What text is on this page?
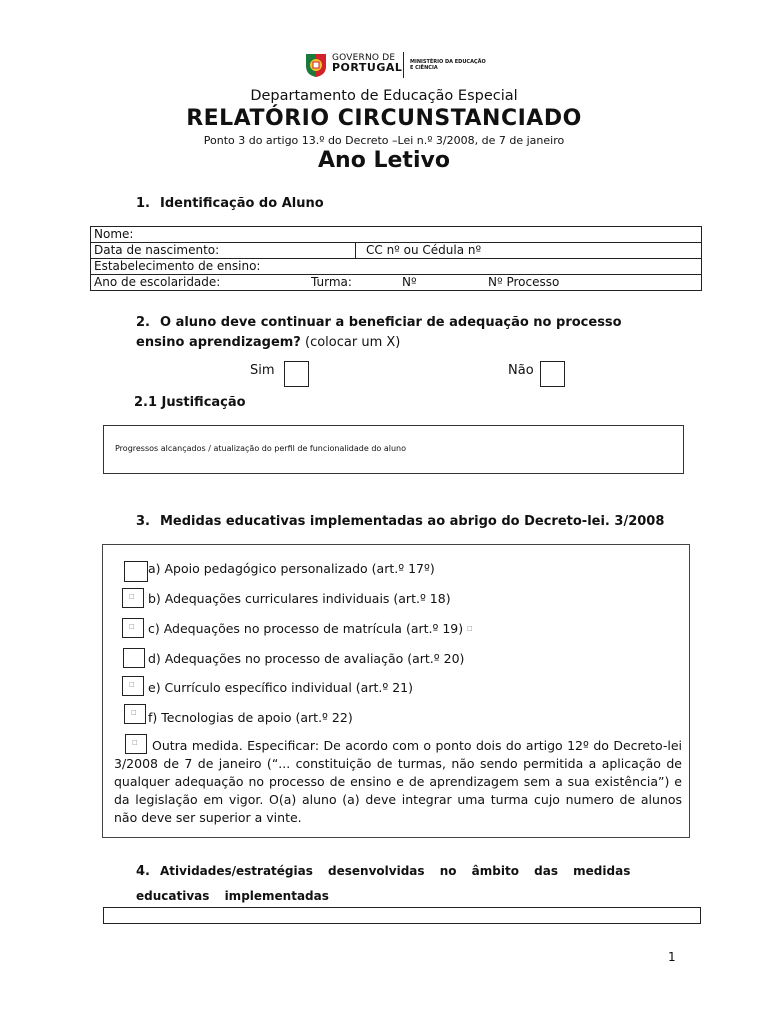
GOVERNO DE
PORTUGAL MINISTÉRIO DA EDUCAÇÃO
E CIÊNCIA
Departamento de Educação Especial
RELATÓRIO CIRCUNSTANCIADO
Ponto 3 do artigo 13.º do Decreto –Lei n.º 3/2008, de 7 de janeiro
Ano Letivo
1. Identificação do Aluno
Nome:
Data de nascimento:	CC nº ou Cédula nº
Estabelecimento de ensino:
Ano de escolaridade:	Turma:	Nº	Nº Processo
2. O aluno deve continuar a beneficiar de adequação no processo ensino aprendizagem? (colocar um X)
Sim	Não
2.1 Justificação
Progressos alcançados / atualização do perfil de funcionalidade do aluno
3. Medidas educativas implementadas ao abrigo do Decreto-lei. 3/2008
a) Apoio pedagógico personalizado (art.º 17º)
□ b) Adequações curriculares individuais (art.º 18)
□ c) Adequações no processo de matrícula (art.º 19) □
d) Adequações no processo de avaliação (art.º 20)
□ e) Currículo específico individual (art.º 21)
□ f) Tecnologias de apoio (art.º 22)
□	Outra medida. Especificar: De acordo com o ponto dois do artigo 12º do Decreto-lei 3/2008 de 7 de janeiro (“... constituição de turmas, não sendo permitida a aplicação de qualquer adequação no processo de ensino e de aprendizagem sem a sua existência”) e da legislação em vigor. O(a) aluno (a) deve integrar uma turma cujo numero de alunos não deve ser superior a vinte.
4. Atividades/estratégias desenvolvidas no âmbito das medidas educativas implementadas
1
